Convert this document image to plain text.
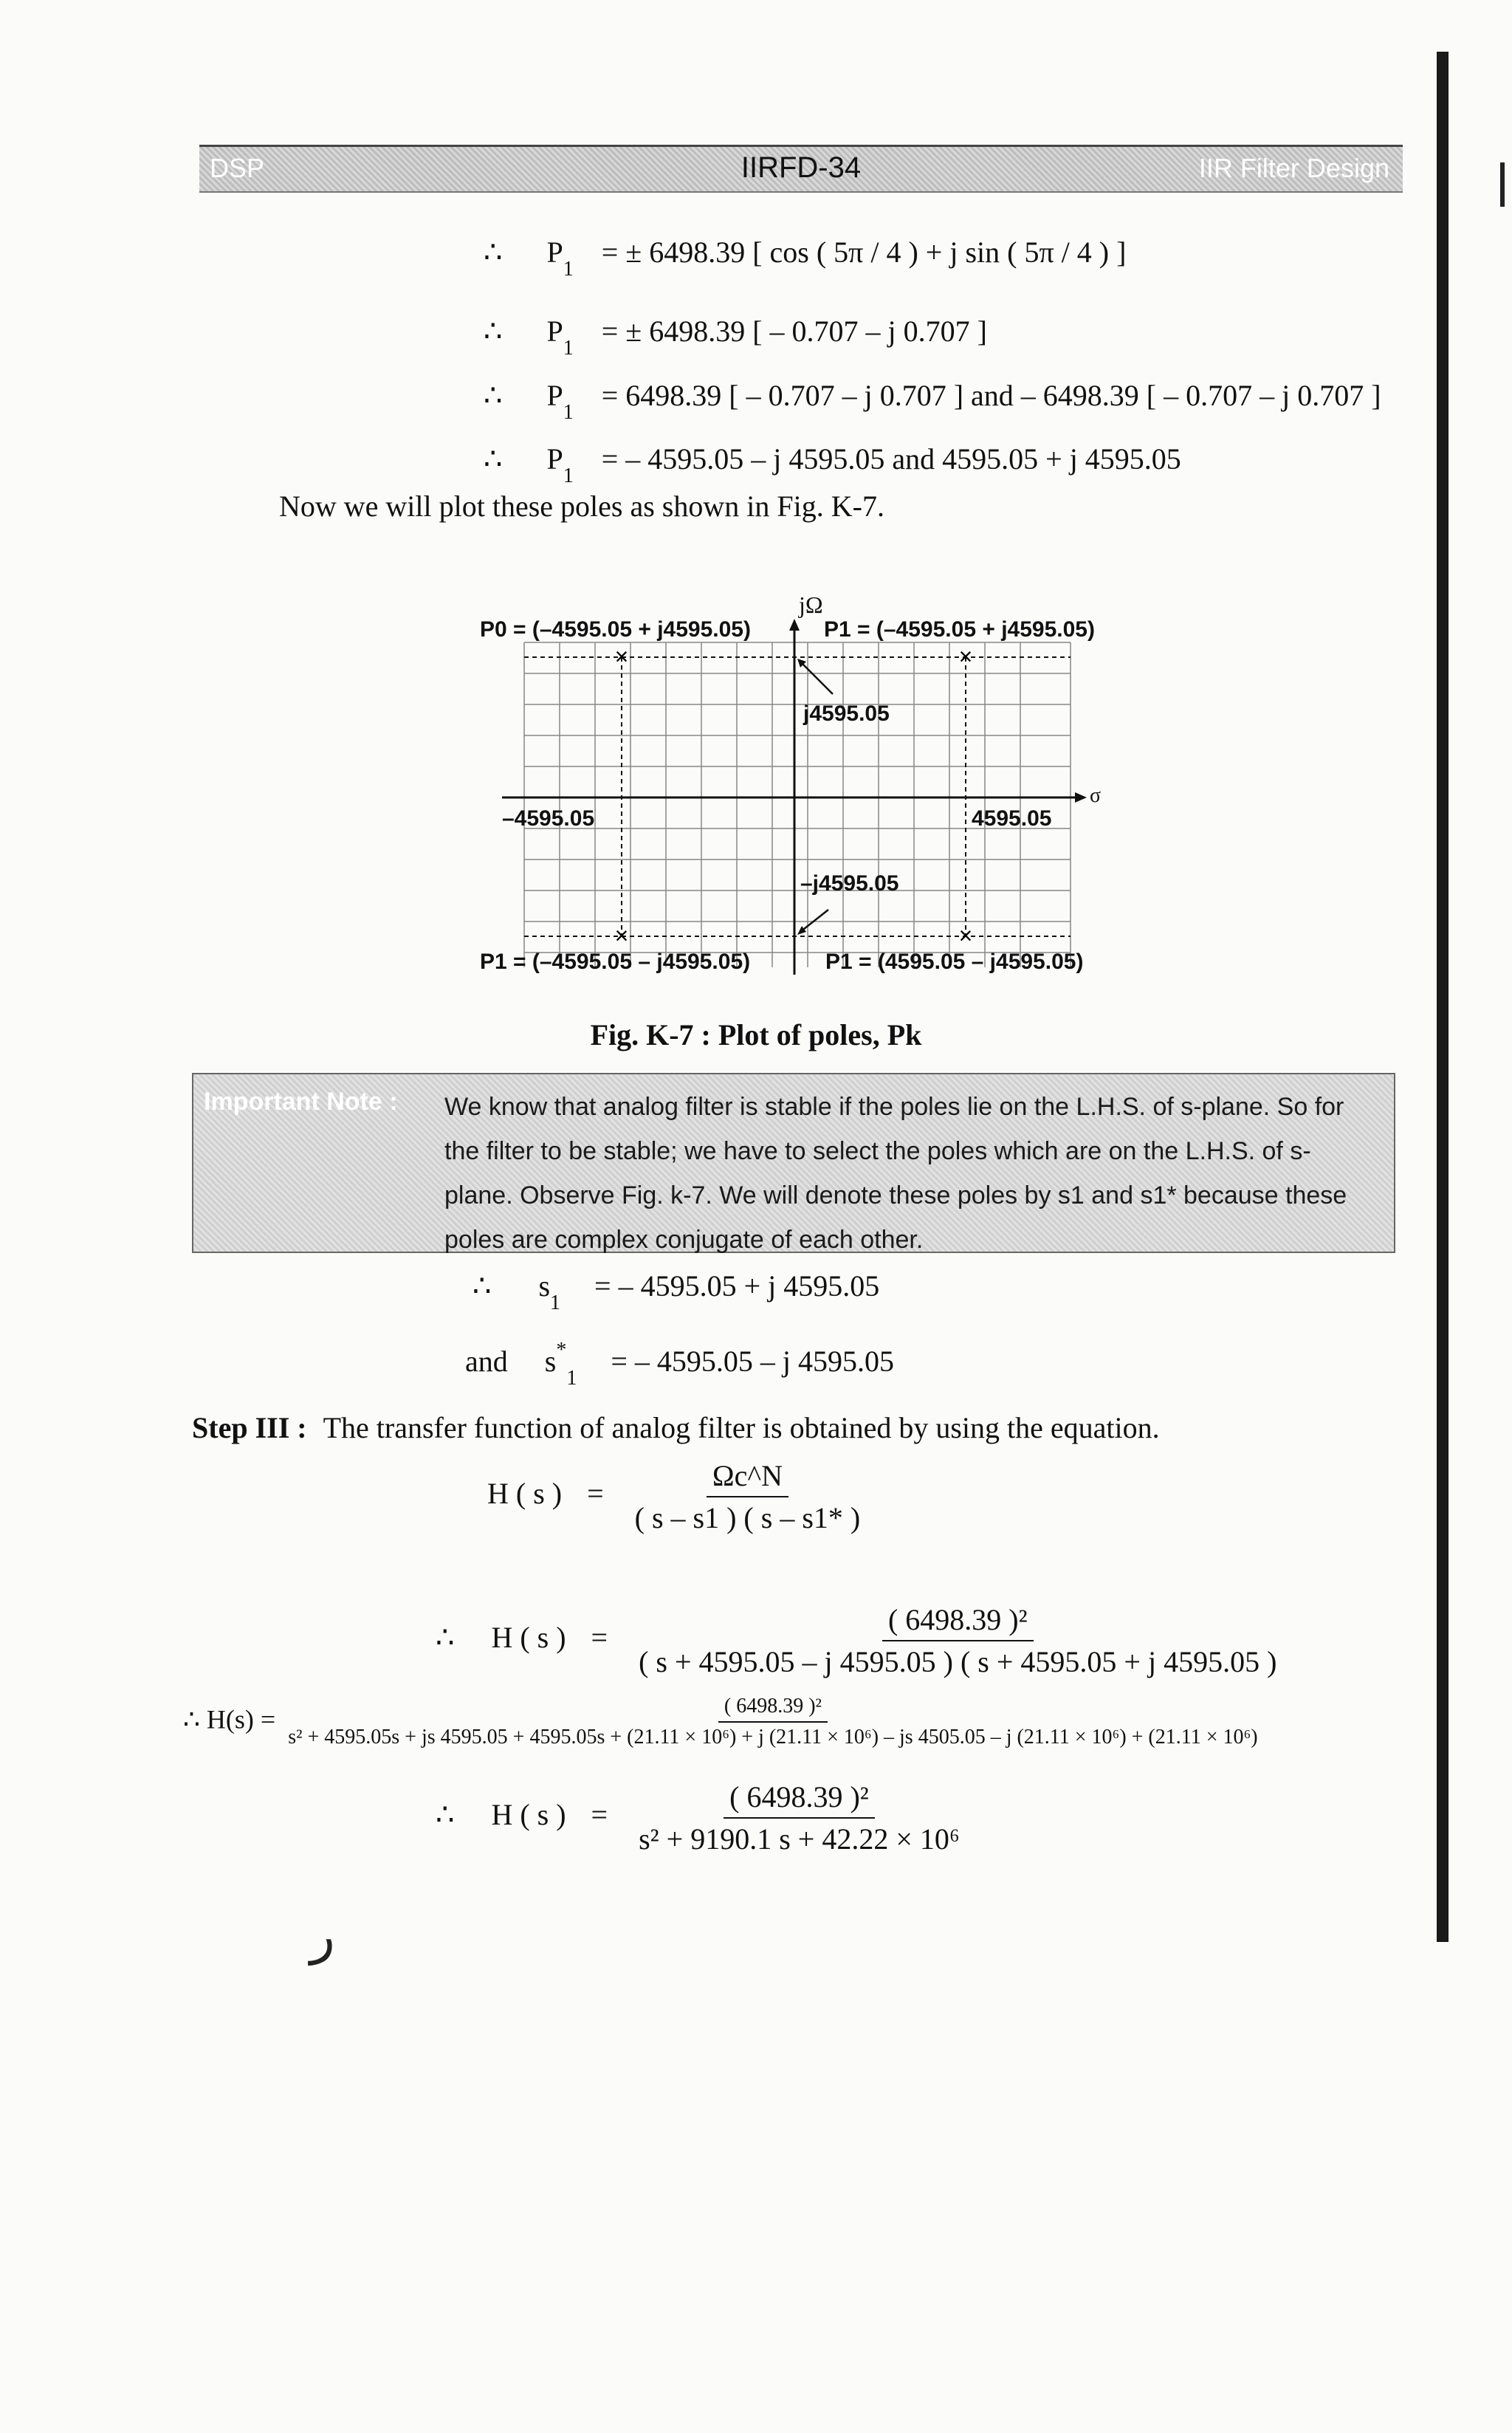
DSP	IIRFD-34	IIR Filter Design
∴ $P_1$ = ± 6498.39 [ cos ( 5π / 4 ) + j sin ( 5π / 4 ) ]
∴ $P_1$ = ± 6498.39 [ – 0.707 – j 0.707 ]
∴ $P_1 = 6498.39$ [ – 0.707 – j 0.707 ] and – 6498.39 [ – 0.707 – j 0.707 ]
∴ $P_1$ = – 4595.05 – j 4595.05 and 4595.05 + j 4595.05
Now we will plot these poles as shown in Fig. K-7.
×	×
×	×
jΩ
σ
P0 = (–4595.05 + j4595.05)	P1 = (–4595.05 + j4595.05)
P1 = (–4595.05 – j4595.05)	P1 = (4595.05 – j4595.05)
j4595.05
–j4595.05
–4595.05	4595.05
Fig. K-7 : Plot of poles, Pk
Important Note : We know that analog filter is stable if the poles lie on the L.H.S. of s-plane. So for the filter to be stable; we have to select the poles which are on the L.H.S. of s-plane. Observe Fig. k-7. We will denote these poles by s1 and s1* because these poles are complex conjugate of each other.
∴ $s_1$ = – 4595.05 + j 4595.05
and $s^*_1$ = – 4595.05 – j 4595.05
Step III : The transfer function of analog filter is obtained by using the equation.
H ( s ) = $\frac{\Omega c\^{}N}{( s - s1 ) ( s - s1* )}$
∴ H ( s ) = $\frac{\text{( 6498.39 )²}}{( s + 4595.05 - j 4595.05 ) ( s + 4595.05 + j 4595.05 )}$
∴ H(s) =	( 6498.39 )²
s² + 4595.05s + js 4595.05 + 4595.05s + (21.11 × 10⁶) + j (21.11 × 10⁶) – js 4505.05 – j (21.11 × 10⁶) + (21.11 × 10⁶)
∴ H ( s ) = $\frac{\text{( 6498.39 )²}}{\text{s² + 9190.1 s + 42.22 × 10⁶}}$
ر
